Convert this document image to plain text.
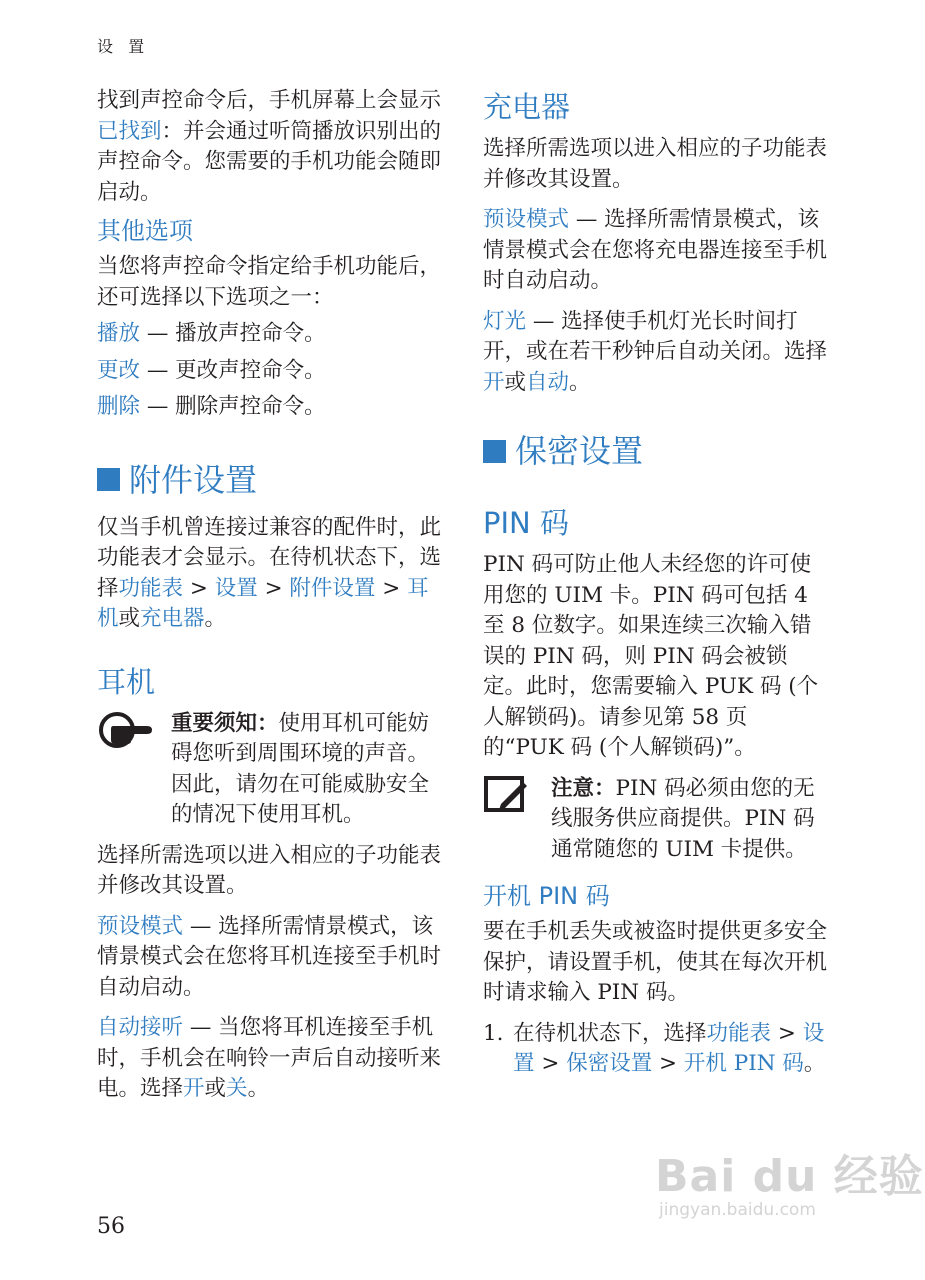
设 置

找到声控命令后，手机屏幕上会显示已找到：并会通过听筒播放识别出的声控命令。您需要的手机功能会随即启动。

其他选项

当您将声控命令指定给手机功能后，还可选择以下选项之一：

播放 — 播放声控命令。

更改 — 更改声控命令。

删除 — 删除声控命令。

附件设置

仅当手机曾连接过兼容的配件时，此功能表才会显示。在待机状态下，选择功能表 > 设置 > 附件设置 > 耳机或充电器。

耳机

重要须知：使用耳机可能妨碍您听到周围环境的声音。因此，请勿在可能威胁安全的情况下使用耳机。

选择所需选项以进入相应的子功能表并修改其设置。

预设模式 — 选择所需情景模式，该情景模式会在您将耳机连接至手机时自动启动。

自动接听 — 当您将耳机连接至手机时，手机会在响铃一声后自动接听来电。选择开或关。

充电器

选择所需选项以进入相应的子功能表并修改其设置。

预设模式 — 选择所需情景模式，该情景模式会在您将充电器连接至手机时自动启动。

灯光 — 选择使手机灯光长时间打开，或在若干秒钟后自动关闭。选择开或自动。

保密设置
PIN 码

PIN 码可防止他人未经您的许可使用您的 UIM 卡。PIN 码可包括 4 至 8 位数字。如果连续三次输入错误的 PIN 码，则 PIN 码会被锁定。此时，您需要输入 PUK 码 (个人解锁码)。请参见第 58 页的“PUK 码 (个人解锁码)”。

注意：PIN 码必须由您的无线服务供应商提供。PIN 码通常随您的 UIM 卡提供。

开机 PIN 码

要在手机丢失或被盗时提供更多安全保护，请设置手机，使其在每次开机时请求输入 PIN 码。

1. 在待机状态下，选择功能表 > 设置 > 保密设置 > 开机 PIN 码。

56
Bai du 经验
jingyan.baidu.com
